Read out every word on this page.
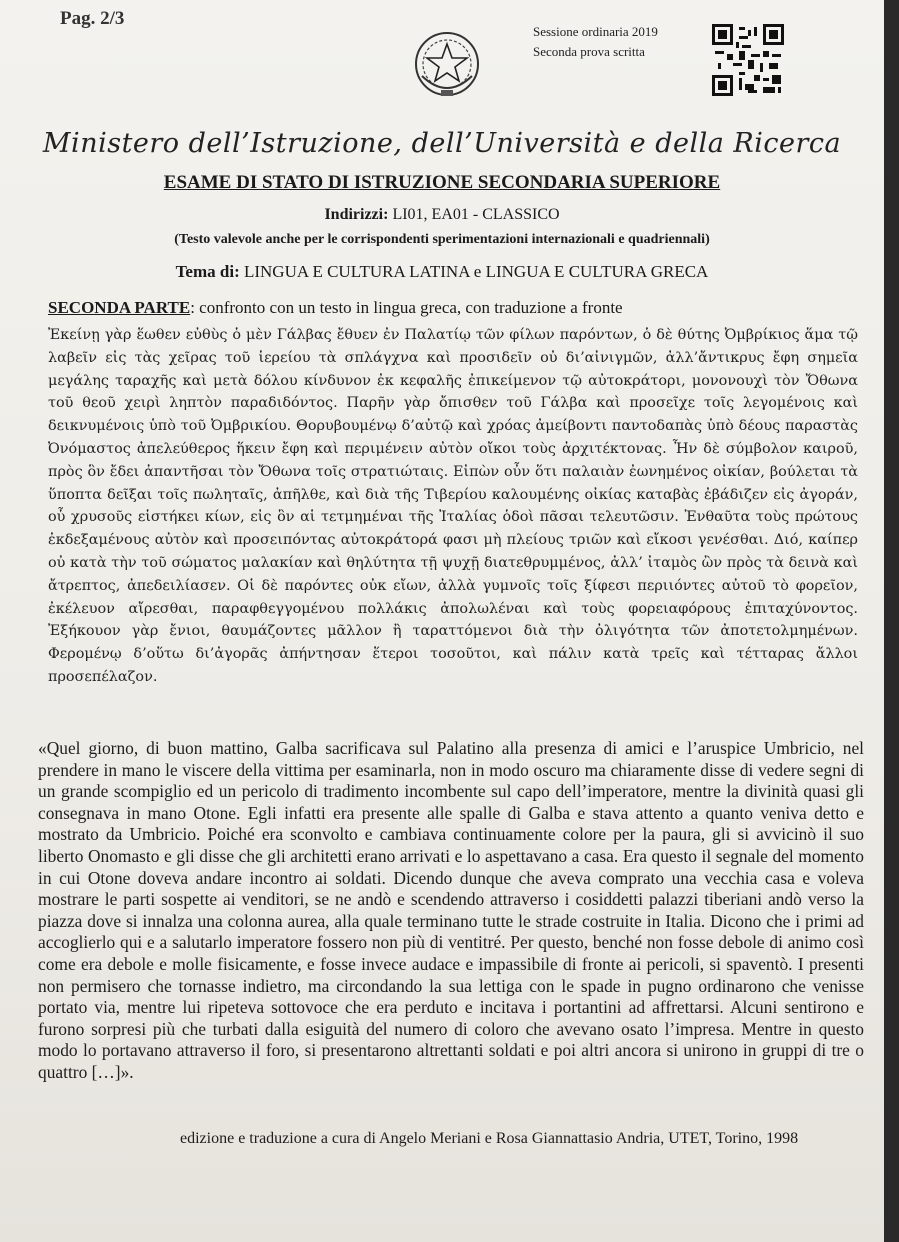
Pag. 2/3
Sessione ordinaria 2019
Seconda prova scritta
Ministero dell’Istruzione, dell’Università e della Ricerca
ESAME DI STATO DI ISTRUZIONE SECONDARIA SUPERIORE
Indirizzi: LI01, EA01 - CLASSICO
(Testo valevole anche per le corrispondenti sperimentazioni internazionali e quadriennali)
Tema di: LINGUA E CULTURA LATINA e LINGUA E CULTURA GRECA
SECONDA PARTE: confronto con un testo in lingua greca, con traduzione a fronte
Ἐκείνῃ γὰρ ἕωθεν εὐθὺς ὁ μὲν Γάλβας ἔθυεν ἐν Παλατίῳ τῶν φίλων παρόντων, ὁ δὲ θύτης Ὀμβρίκιος ἅμα τῷ λαβεῖν εἰς τὰς χεῖρας τοῦ ἱερείου τὰ σπλάγχνα καὶ προσιδεῖν οὐ δι’αἰνιγμῶν, ἀλλ’ἄντικρυς ἔφη σημεῖα μεγάλης ταραχῆς καὶ μετὰ δόλου κίνδυνον ἐκ κεφαλῆς ἐπικείμενον τῷ αὐτοκράτορι, μονονουχὶ τὸν Ὄθωνα τοῦ θεοῦ χειρὶ ληπτὸν παραδιδόντος. Παρῆν γὰρ ὄπισθεν τοῦ Γάλβα καὶ προσεῖχε τοῖς λεγομένοις καὶ δεικνυμένοις ὑπὸ τοῦ Ὀμβρικίου. Θορυβουμένῳ δ’αὐτῷ καὶ χρόας ἀμείβοντι παντοδαπὰς ὑπὸ δέους παραστὰς Ὀνόμαστος ἀπελεύθερος ἥκειν ἔφη καὶ περιμένειν αὐτὸν οἴκοι τοὺς ἀρχιτέκτονας. Ἦν δὲ σύμβολον καιροῦ, πρὸς ὃν ἔδει ἀπαντῆσαι τὸν Ὄθωνα τοῖς στρατιώταις. Εἰπὼν οὖν ὅτι παλαιὰν ἐωνημένος οἰκίαν, βούλεται τὰ ὕποπτα δεῖξαι τοῖς πωληταῖς, ἀπῆλθε, καὶ διὰ τῆς Τιβερίου καλουμένης οἰκίας καταβὰς ἐβάδιζεν εἰς ἀγοράν, οὗ χρυσοῦς εἱστήκει κίων, εἰς ὃν αἱ τετμημέναι τῆς Ἰταλίας ὁδοὶ πᾶσαι τελευτῶσιν. Ἐνθαῦτα τοὺς πρώτους ἐκδεξαμένους αὐτὸν καὶ προσειπόντας αὐτοκράτορά φασι μὴ πλείους τριῶν καὶ εἴκοσι γενέσθαι. Διό, καίπερ οὐ κατὰ τὴν τοῦ σώματος μαλακίαν καὶ θηλύτητα τῇ ψυχῇ διατεθρυμμένος, ἀλλ’ ἰταμὸς ὢν πρὸς τὰ δεινὰ καὶ ἄτρεπτος, ἀπεδειλίασεν. Οἱ δὲ παρόντες οὐκ εἴων, ἀλλὰ γυμνοῖς τοῖς ξίφεσι περιιόντες αὐτοῦ τὸ φορεῖον, ἐκέλευον αἴρεσθαι, παραφθεγγομένου πολλάκις ἀπολωλέναι καὶ τοὺς φορειαφόρους ἐπιταχύνοντος. Ἐξήκουον γὰρ ἔνιοι, θαυμάζοντες μᾶλλον ἢ ταραττόμενοι διὰ τὴν ὀλιγότητα τῶν ἀποτετολμημένων. Φερομένῳ δ’οὕτω δι’ἀγορᾶς ἀπήντησαν ἕτεροι τοσοῦτοι, καὶ πάλιν κατὰ τρεῖς καὶ τέτταρας ἄλλοι προσεπέλαζον.
«Quel giorno, di buon mattino, Galba sacrificava sul Palatino alla presenza di amici e l’aruspice Umbricio, nel prendere in mano le viscere della vittima per esaminarla, non in modo oscuro ma chiaramente disse di vedere segni di un grande scompiglio ed un pericolo di tradimento incombente sul capo dell’imperatore, mentre la divinità quasi gli consegnava in mano Otone. Egli infatti era presente alle spalle di Galba e stava attento a quanto veniva detto e mostrato da Umbricio. Poiché era sconvolto e cambiava continuamente colore per la paura, gli si avvicinò il suo liberto Onomasto e gli disse che gli architetti erano arrivati e lo aspettavano a casa. Era questo il segnale del momento in cui Otone doveva andare incontro ai soldati. Dicendo dunque che aveva comprato una vecchia casa e voleva mostrare le parti sospette ai venditori, se ne andò e scendendo attraverso i cosiddetti palazzi tiberiani andò verso la piazza dove si innalza una colonna aurea, alla quale terminano tutte le strade costruite in Italia. Dicono che i primi ad accoglierlo qui e a salutarlo imperatore fossero non più di ventitré. Per questo, benché non fosse debole di animo così come era debole e molle fisicamente, e fosse invece audace e impassibile di fronte ai pericoli, si spaventò. I presenti non permisero che tornasse indietro, ma circondando la sua lettiga con le spade in pugno ordinarono che venisse portato via, mentre lui ripeteva sottovoce che era perduto e incitava i portantini ad affrettarsi. Alcuni sentirono e furono sorpresi più che turbati dalla esiguità del numero di coloro che avevano osato l’impresa. Mentre in questo modo lo portavano attraverso il foro, si presentarono altrettanti soldati e poi altri ancora si unirono in gruppi di tre o quattro […]».
edizione e traduzione a cura di Angelo Meriani e Rosa Giannattasio Andria, UTET, Torino, 1998
